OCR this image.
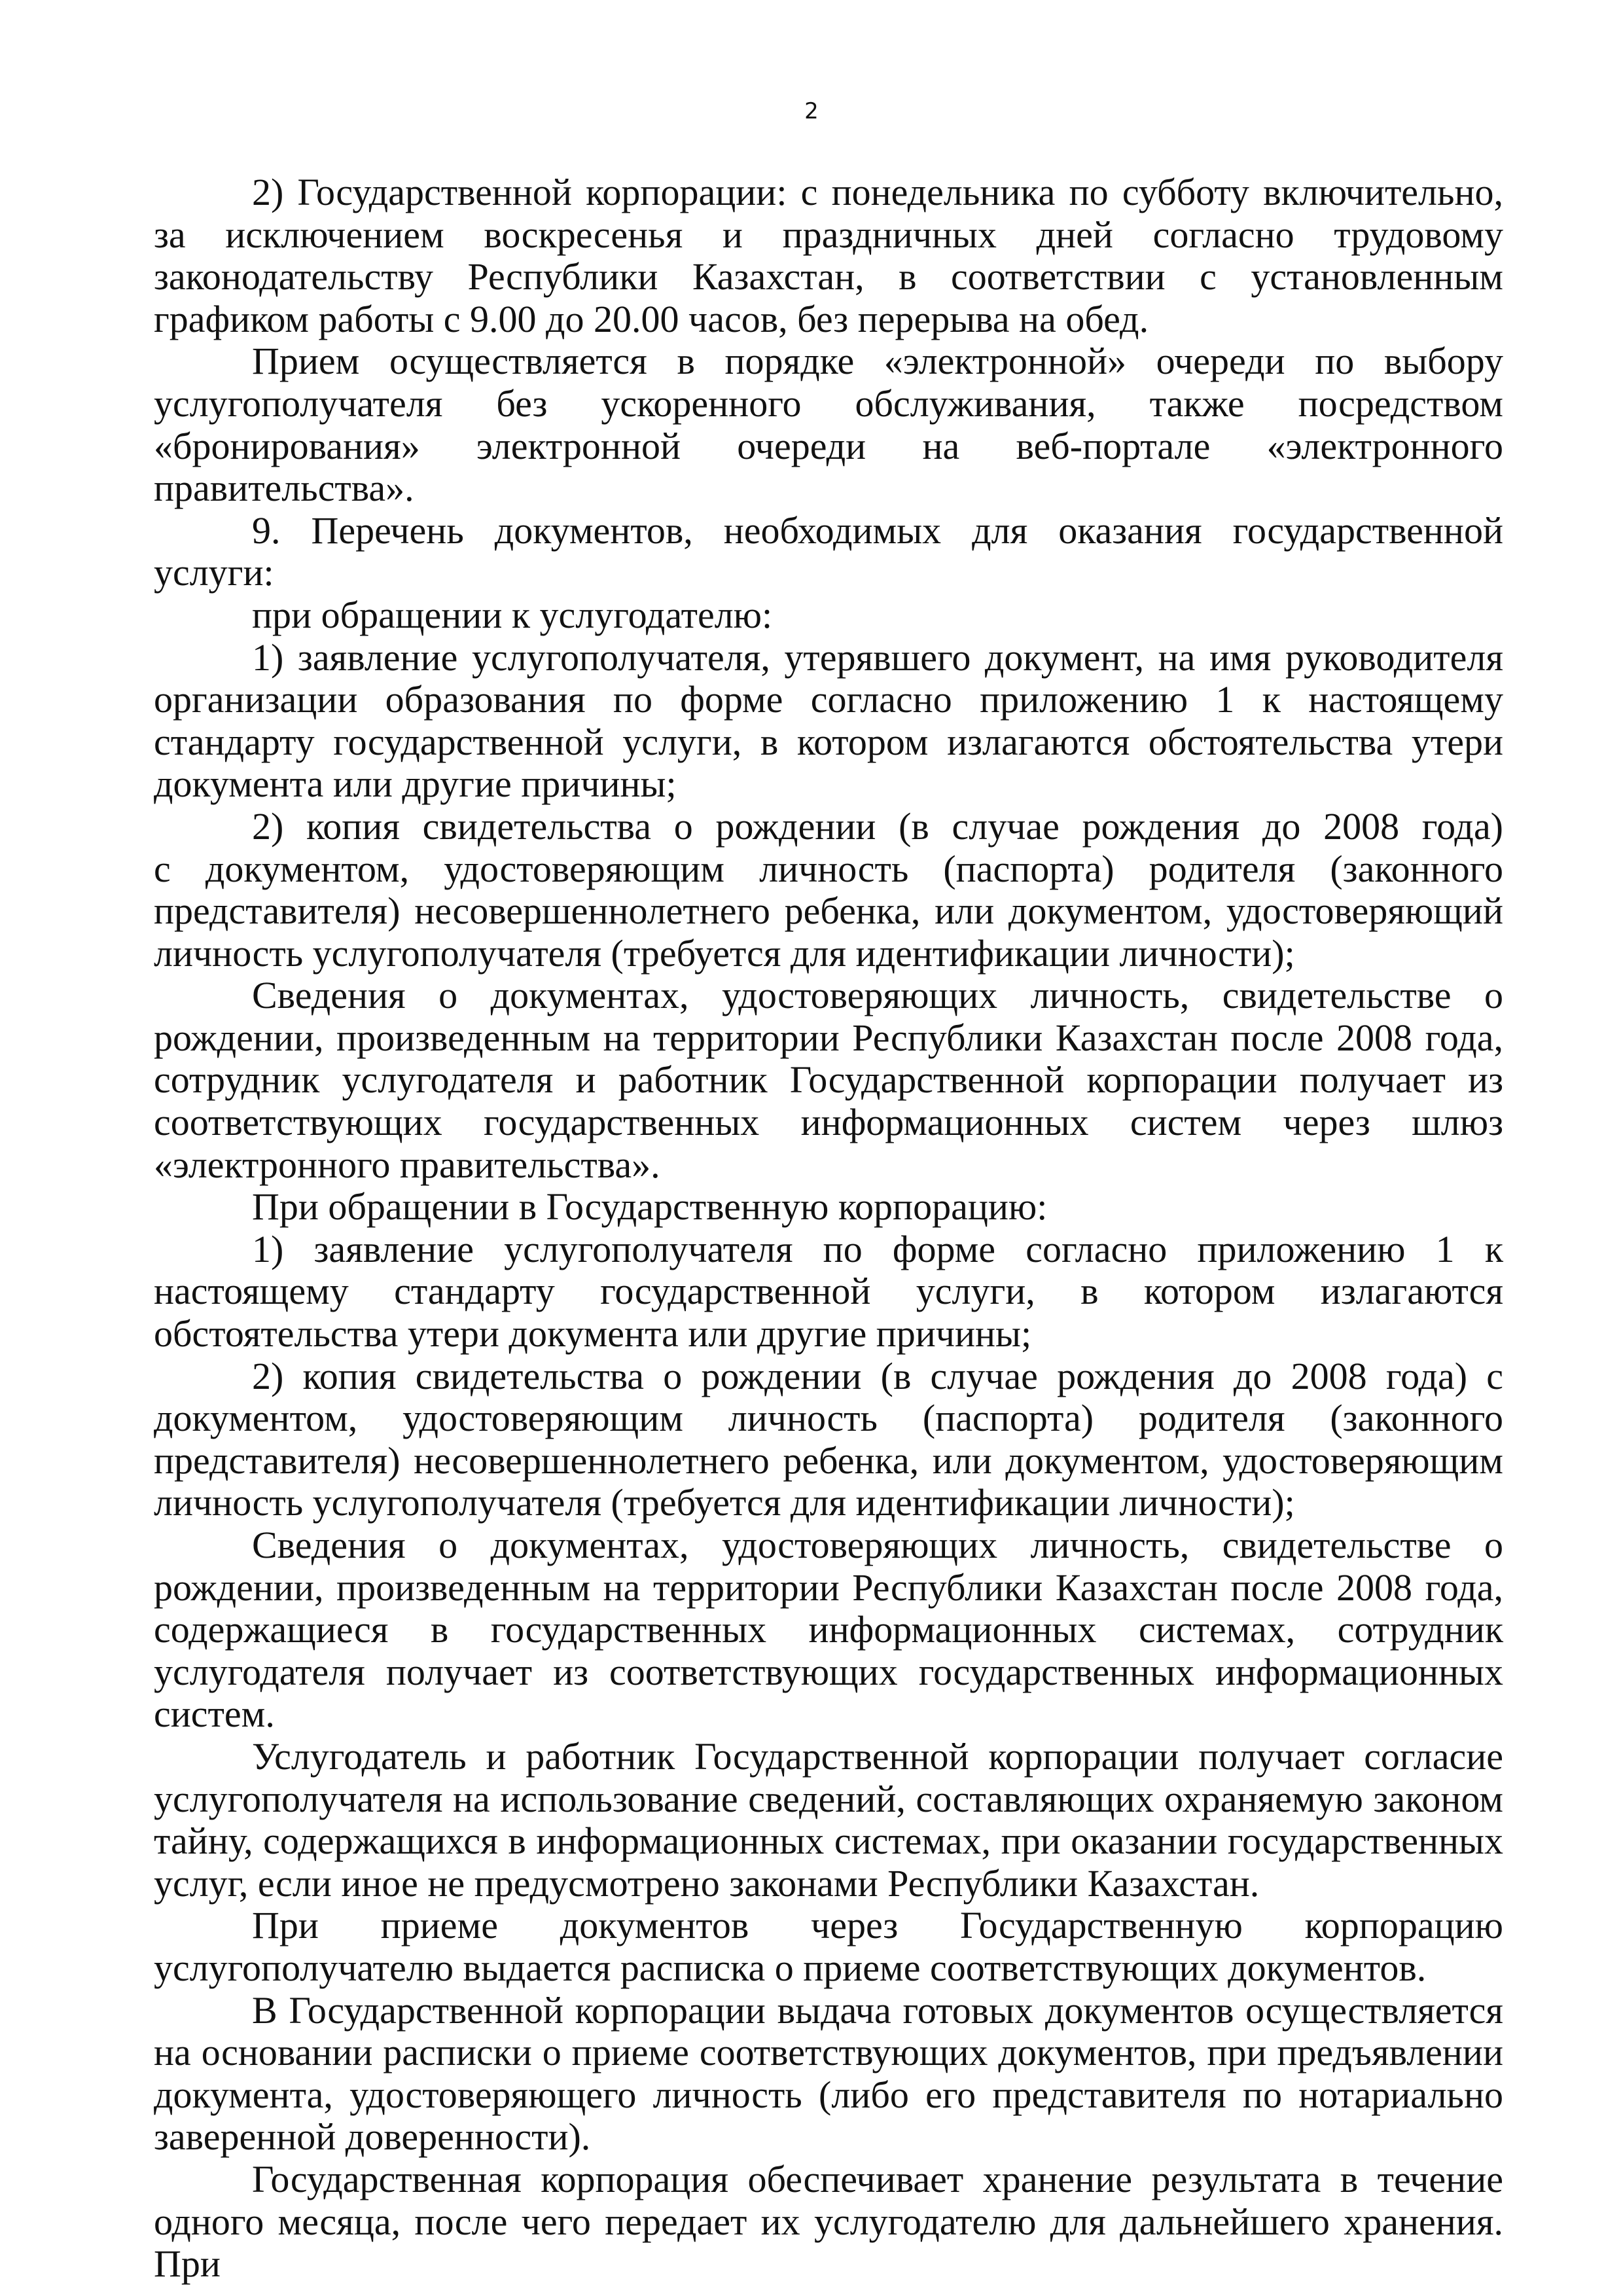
2

2) Государственной корпорации: с понедельника по субботу включительно, за исключением воскресенья и праздничных дней согласно трудовому законодательству Республики Казахстан, в соответствии с установленным графиком работы с 9.00 до 20.00 часов, без перерыва на обед.

Прием осуществляется в порядке «электронной» очереди по выбору услугополучателя без ускоренного обслуживания, также посредством «бронирования» электронной очереди на веб-портале «электронного правительства».

9. Перечень документов, необходимых для оказания государственной услуги:

при обращении к услугодателю:

1) заявление услугополучателя, утерявшего документ, на имя руководителя организации образования по форме согласно приложению 1 к настоящему стандарту государственной услуги, в котором излагаются обстоятельства утери документа или другие причины;

2) копия свидетельства о рождении (в случае рождения до 2008 года)

с документом, удостоверяющим личность (паспорта) родителя (законного

представителя) несовершеннолетнего ребенка, или документом, удостоверяющий личность услугополучателя (требуется для идентификации личности);

Сведения о документах, удостоверяющих личность, свидетельстве о рождении, произведенным на территории Республики Казахстан после 2008 года, сотрудник услугодателя и работник Государственной корпорации получает из соответствующих государственных информационных систем через шлюз «электронного правительства».

При обращении в Государственную корпорацию:

1) заявление услугополучателя по форме согласно приложению 1 к настоящему стандарту государственной услуги, в котором излагаются обстоятельства утери документа или другие причины;

2) копия свидетельства о рождении (в случае рождения до 2008 года) с документом, удостоверяющим личность (паспорта) родителя (законного представителя) несовершеннолетнего ребенка, или документом, удостоверяющим личность услугополучателя (требуется для идентификации личности);

Сведения о документах, удостоверяющих личность, свидетельстве о рождении, произведенным на территории Республики Казахстан после 2008 года, содержащиеся в государственных информационных системах, сотрудник услугодателя получает из соответствующих государственных информационных систем.

Услугодатель и работник Государственной корпорации получает согласие услугополучателя на использование сведений, составляющих охраняемую законом тайну, содержащихся в информационных системах, при оказании государственных услуг, если иное не предусмотрено законами Республики Казахстан.

При приеме документов через Государственную корпорацию услугополучателю выдается расписка о приеме соответствующих документов.

В Государственной корпорации выдача готовых документов осуществляется на основании расписки о приеме соответствующих документов, при предъявлении документа, удостоверяющего личность (либо его представителя по нотариально заверенной доверенности).

Государственная корпорация обеспечивает хранение результата в течение одного месяца, после чего передает их услугодателю для дальнейшего хранения. При
